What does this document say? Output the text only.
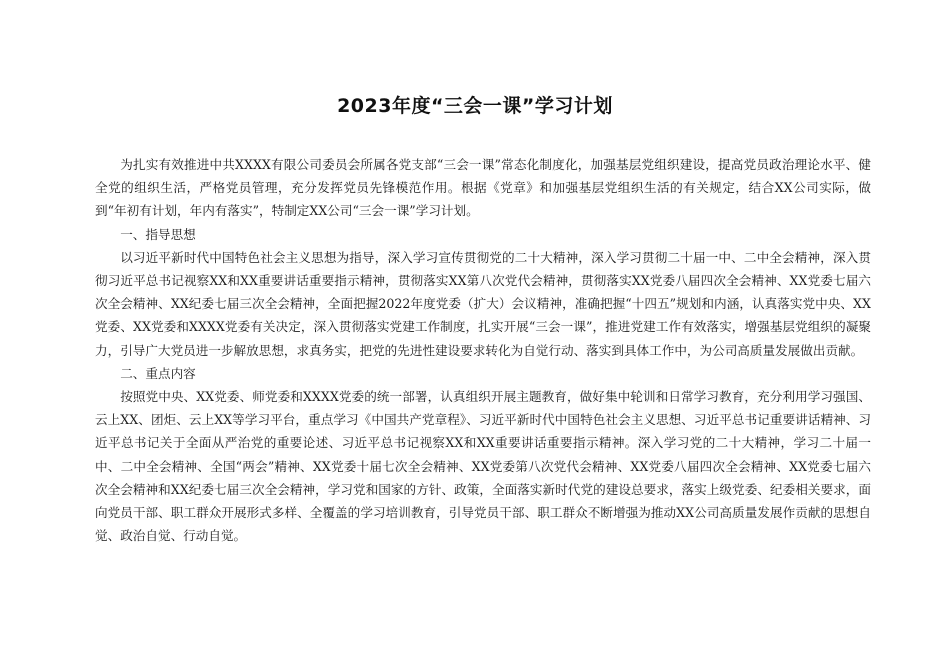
2023年度“三会一课”学习计划

为扎实有效推进中共XXXX有限公司委员会所属各党支部“三会一课”常态化制度化，加强基层党组织建设，提高党员政治理论水平、健全党的组织生活，严格党员管理，充分发挥党员先锋模范作用。根据《党章》和加强基层党组织生活的有关规定，结合XX公司实际，做到“年初有计划，年内有落实”，特制定XX公司“三会一课”学习计划。

一、指导思想

以习近平新时代中国特色社会主义思想为指导，深入学习宣传贯彻党的二十大精神，深入学习贯彻二十届一中、二中全会精神，深入贯彻习近平总书记视察XX和XX重要讲话重要指示精神，贯彻落实XX第八次党代会精神，贯彻落实XX党委八届四次全会精神、XX党委七届六次全会精神、XX纪委七届三次全会精神，全面把握2022年度党委（扩大）会议精神，准确把握“十四五”规划和内涵，认真落实党中央、XX党委、XX党委和XXXX党委有关决定，深入贯彻落实党建工作制度，扎实开展“三会一课”，推进党建工作有效落实，增强基层党组织的凝聚力，引导广大党员进一步解放思想，求真务实，把党的先进性建设要求转化为自觉行动、落实到具体工作中，为公司高质量发展做出贡献。

二、重点内容

按照党中央、XX党委、师党委和XXXX党委的统一部署，认真组织开展主题教育，做好集中轮训和日常学习教育，充分利用学习强国、云上XX、团炬、云上XX等学习平台，重点学习《中国共产党章程》、习近平新时代中国特色社会主义思想、习近平总书记重要讲话精神、习近平总书记关于全面从严治党的重要论述、习近平总书记视察XX和XX重要讲话重要指示精神。深入学习党的二十大精神，学习二十届一中、二中全会精神、全国“两会”精神、XX党委十届七次全会精神、XX党委第八次党代会精神、XX党委八届四次全会精神、XX党委七届六次全会精神和XX纪委七届三次全会精神，学习党和国家的方针、政策，全面落实新时代党的建设总要求，落实上级党委、纪委相关要求，面向党员干部、职工群众开展形式多样、全覆盖的学习培训教育，引导党员干部、职工群众不断增强为推动XX公司高质量发展作贡献的思想自觉、政治自觉、行动自觉。
